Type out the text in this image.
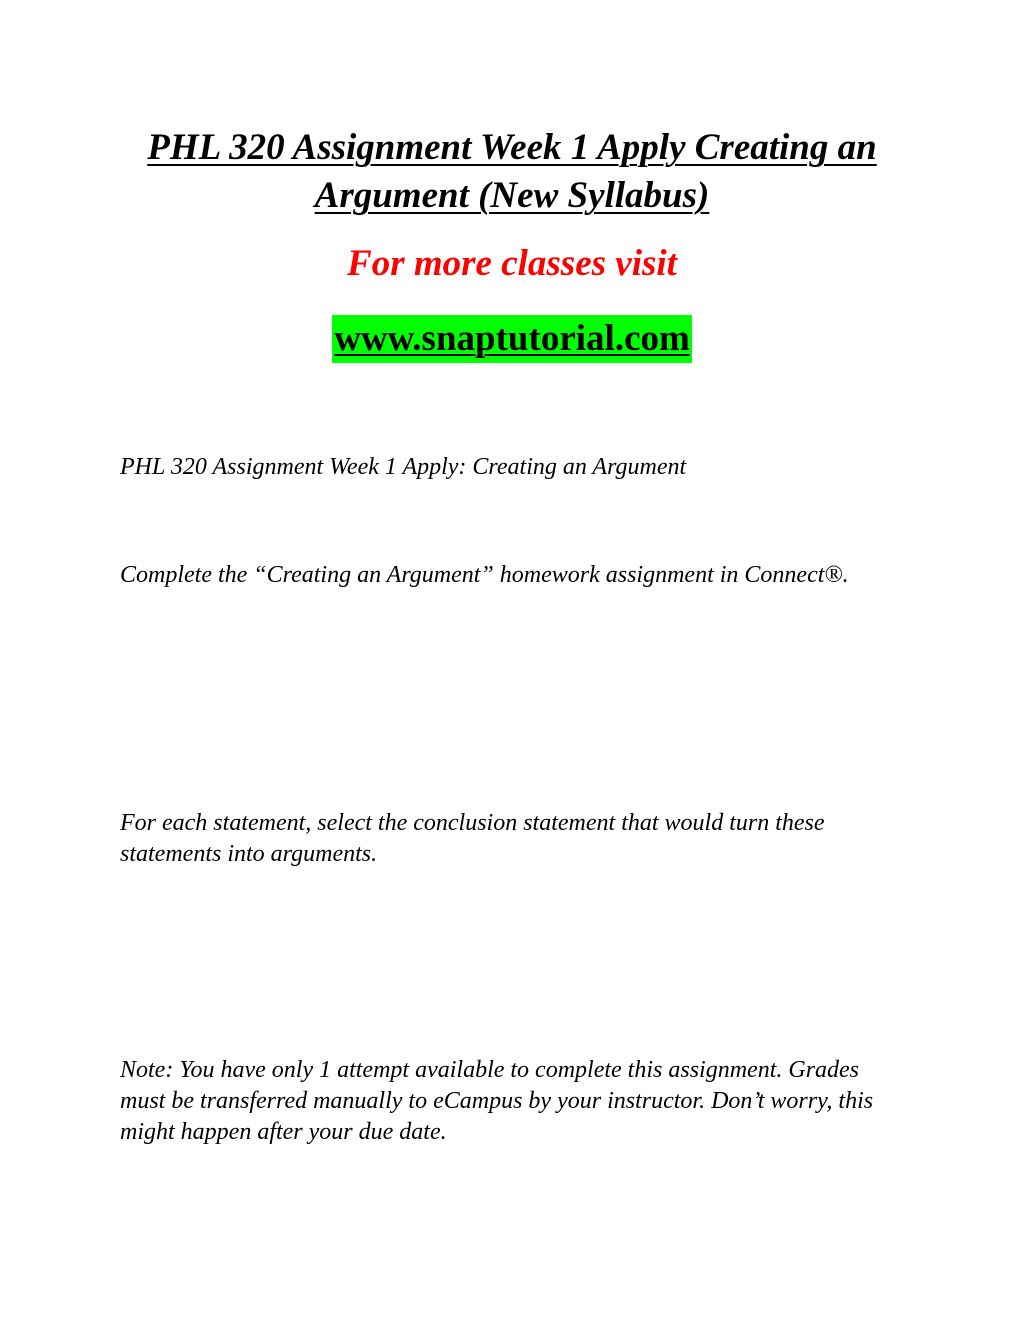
PHL 320 Assignment Week 1 Apply Creating an Argument (New Syllabus)

For more classes visit

www.snaptutorial.com

PHL 320 Assignment Week 1 Apply: Creating an Argument

Complete the “Creating an Argument” homework assignment in Connect®.

For each statement, select the conclusion statement that would turn these statements into arguments.

Note: You have only 1 attempt available to complete this assignment. Grades must be transferred manually to eCampus by your instructor. Don’t worry, this might happen after your due date.
